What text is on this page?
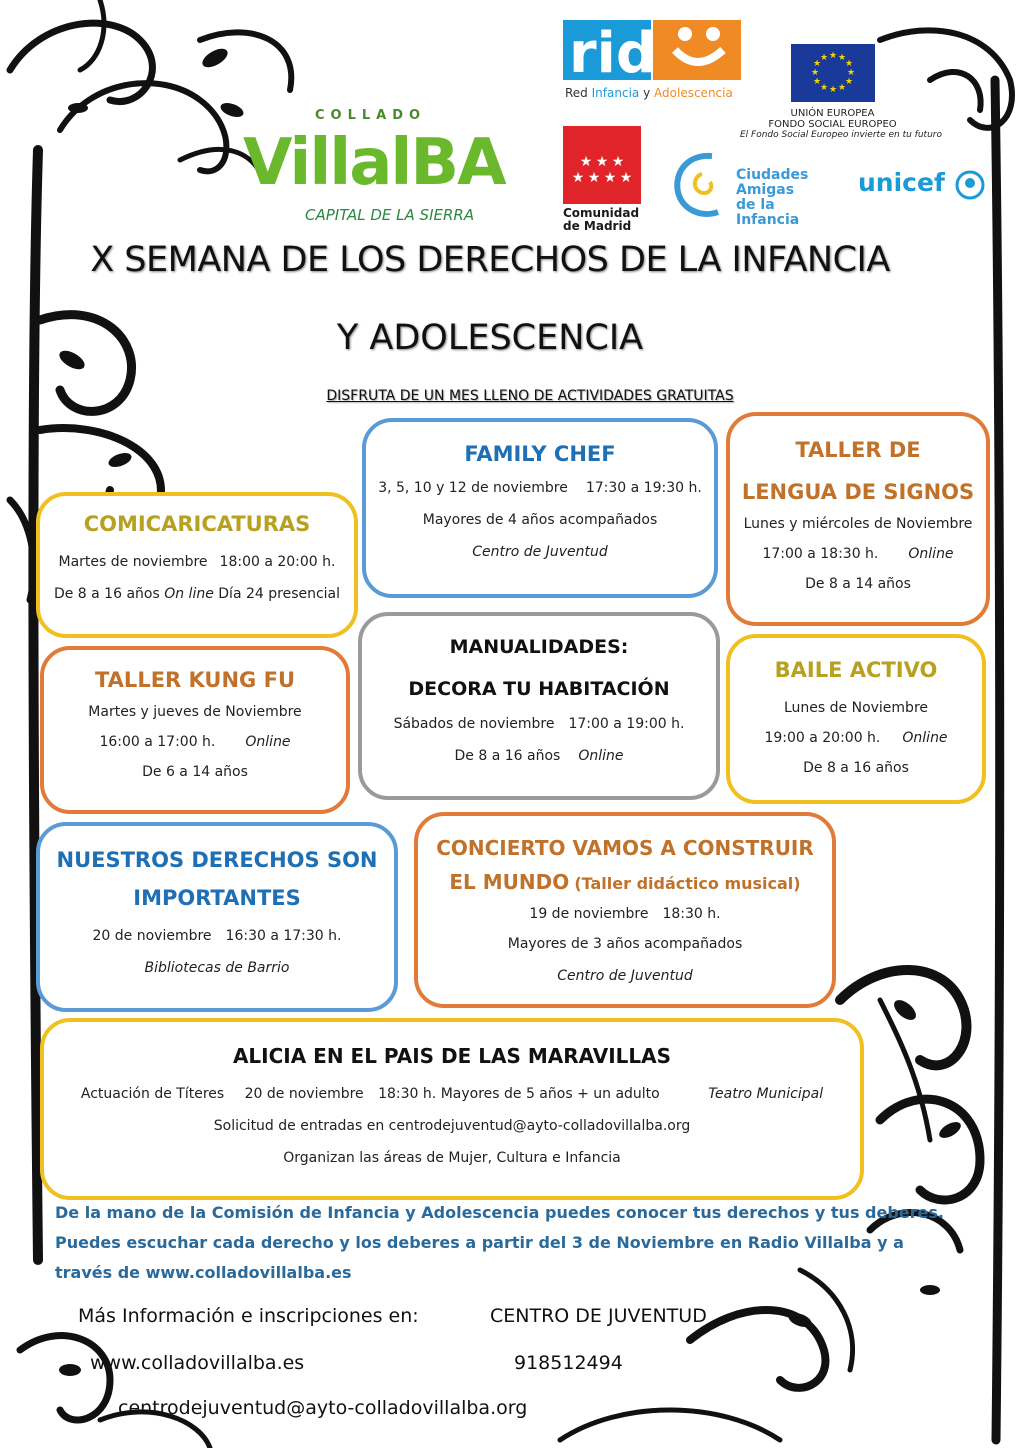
COLLADO
VillalBA
CAPITAL DE LA SIERRA
rid
Red Infancia y Adolescencia
★ ★
★
★
★
★
★
★
★
★
★
★
UNIÓN EUROPEA
FONDO SOCIAL EUROPEO
El Fondo Social Europeo invierte en tu futuro
★ ★ ★
★ ★ ★ ★
Comunidad
de Madrid
Ciudades
Amigas
de la Infancia
unicef
X SEMANA DE LOS DERECHOS DE LA INFANCIA
Y ADOLESCENCIA
DISFRUTA DE UN MES LLENO DE ACTIVIDADES GRATUITAS
FAMILY CHEF
3, 5, 10 y 12 de noviembre 17:30 a 19:30 h.
Mayores de 4 años acompañados
Centro de Juventud
TALLER DE
LENGUA DE SIGNOS
Lunes y miércoles de Noviembre
17:00 a 18:30 h. Online
De 8 a 14 años
COMICARICATURAS
Martes de noviembre 18:00 a 20:00 h.
De 8 a 16 años On line Día 24 presencial
MANUALIDADES:
DECORA TU HABITACIÓN
Sábados de noviembre 17:00 a 19:00 h.
De 8 a 16 años Online
TALLER KUNG FU
Martes y jueves de Noviembre
16:00 a 17:00 h. Online
De 6 a 14 años
BAILE ACTIVO
Lunes de Noviembre
19:00 a 20:00 h. Online
De 8 a 16 años
NUESTROS DERECHOS SON
IMPORTANTES
20 de noviembre 16:30 a 17:30 h.
Bibliotecas de Barrio
CONCIERTO VAMOS A CONSTRUIR
EL MUNDO (Taller didáctico musical)
19 de noviembre 18:30 h.
Mayores de 3 años acompañados
Centro de Juventud
ALICIA EN EL PAIS DE LAS MARAVILLAS
Actuación de Títeres 20 de noviembre 18:30 h. Mayores de 5 años + un adulto	Teatro Municipal
Solicitud de entradas en centrodejuventud@ayto-colladovillalba.org
Organizan las áreas de Mujer, Cultura e Infancia
De la mano de la Comisión de Infancia y Adolescencia puedes conocer tus derechos y tus deberes.
Puedes escuchar cada derecho y los deberes a partir del 3 de Noviembre en Radio Villalba y a
través de www.colladovillalba.es
Más Información e inscripciones en:	CENTRO DE JUVENTUD
www.colladovillalba.es	918512494
centrodejuventud@ayto-colladovillalba.org
